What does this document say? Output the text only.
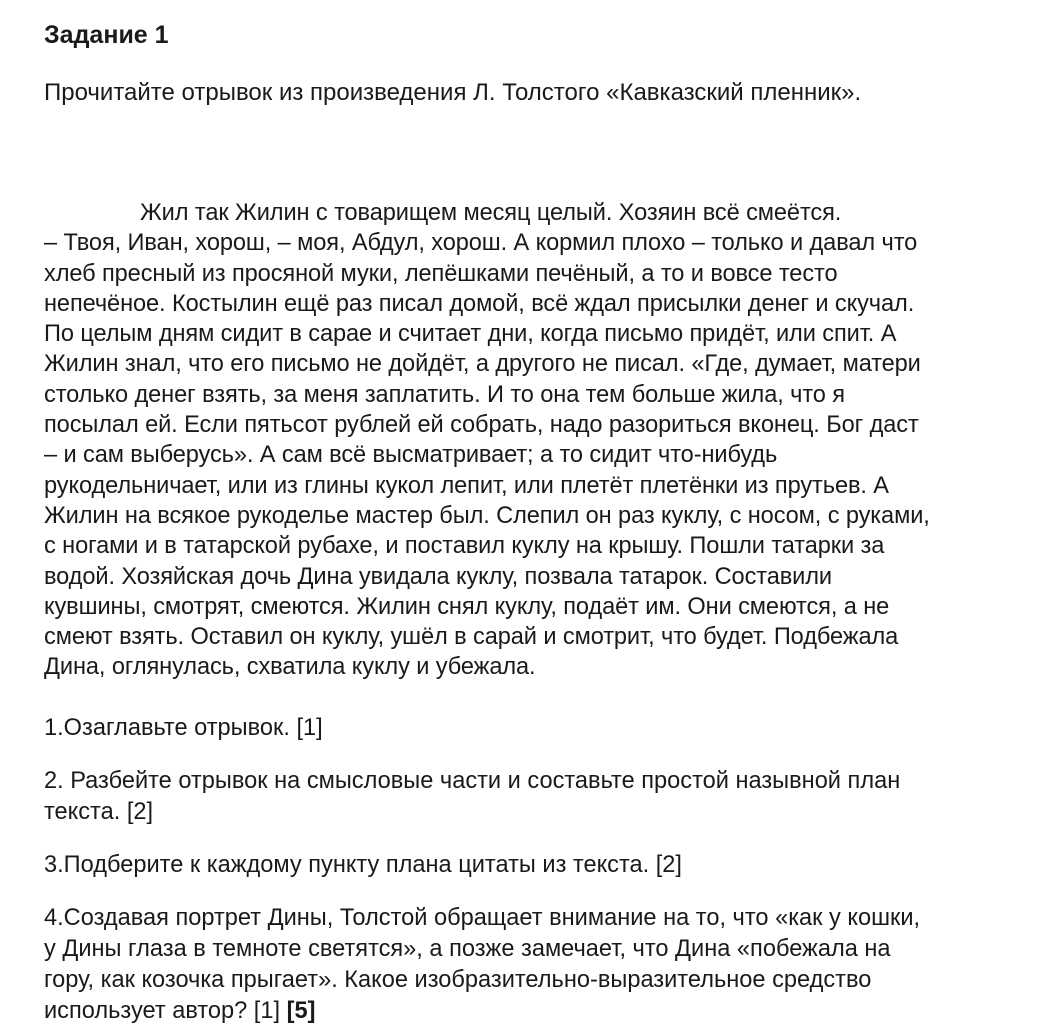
Задание 1

Прочитайте отрывок из произведения Л. Толстого «Кавказский пленник».

Жил так Жилин с товарищем месяц целый. Хозяин всё смеётся.
– Твоя, Иван, хорош, – моя, Абдул, хорош. А кормил плохо – только и давал что
хлеб пресный из просяной муки, лепёшками печёный, а то и вовсе тесто
непечёное. Костылин ещё раз писал домой, всё ждал присылки денег и скучал.
По целым дням сидит в сарае и считает дни, когда письмо придёт, или спит. А
Жилин знал, что его письмо не дойдёт, а другого не писал. «Где, думает, матери
столько денег взять, за меня заплатить. И то она тем больше жила, что я
посылал ей. Если пятьсот рублей ей собрать, надо разориться вконец. Бог даст
– и сам выберусь». А сам всё высматривает; а то сидит что-нибудь
рукодельничает, или из глины кукол лепит, или плетёт плетёнки из прутьев. А
Жилин на всякое рукоделье мастер был. Слепил он раз куклу, с носом, с руками,
с ногами и в татарской рубахе, и поставил куклу на крышу. Пошли татарки за
водой. Хозяйская дочь Дина увидала куклу, позвала татарок. Составили
кувшины, смотрят, смеются. Жилин снял куклу, подаёт им. Они смеются, а не
смеют взять. Оставил он куклу, ушёл в сарай и смотрит, что будет. Подбежала
Дина, оглянулась, схватила куклу и убежала.
1.Озаглавьте отрывок. [1]
2. Разбейте отрывок на смысловые части и составьте простой назывной план
текста. [2]
3.Подберите к каждому пункту плана цитаты из текста. [2]
4.Создавая портрет Дины, Толстой обращает внимание на то, что «как у кошки,
у Дины глаза в темноте светятся», а позже замечает, что Дина «побежала на
гору, как козочка прыгает». Какое изобразительно-выразительное средство
использует автор? [1] [5]
